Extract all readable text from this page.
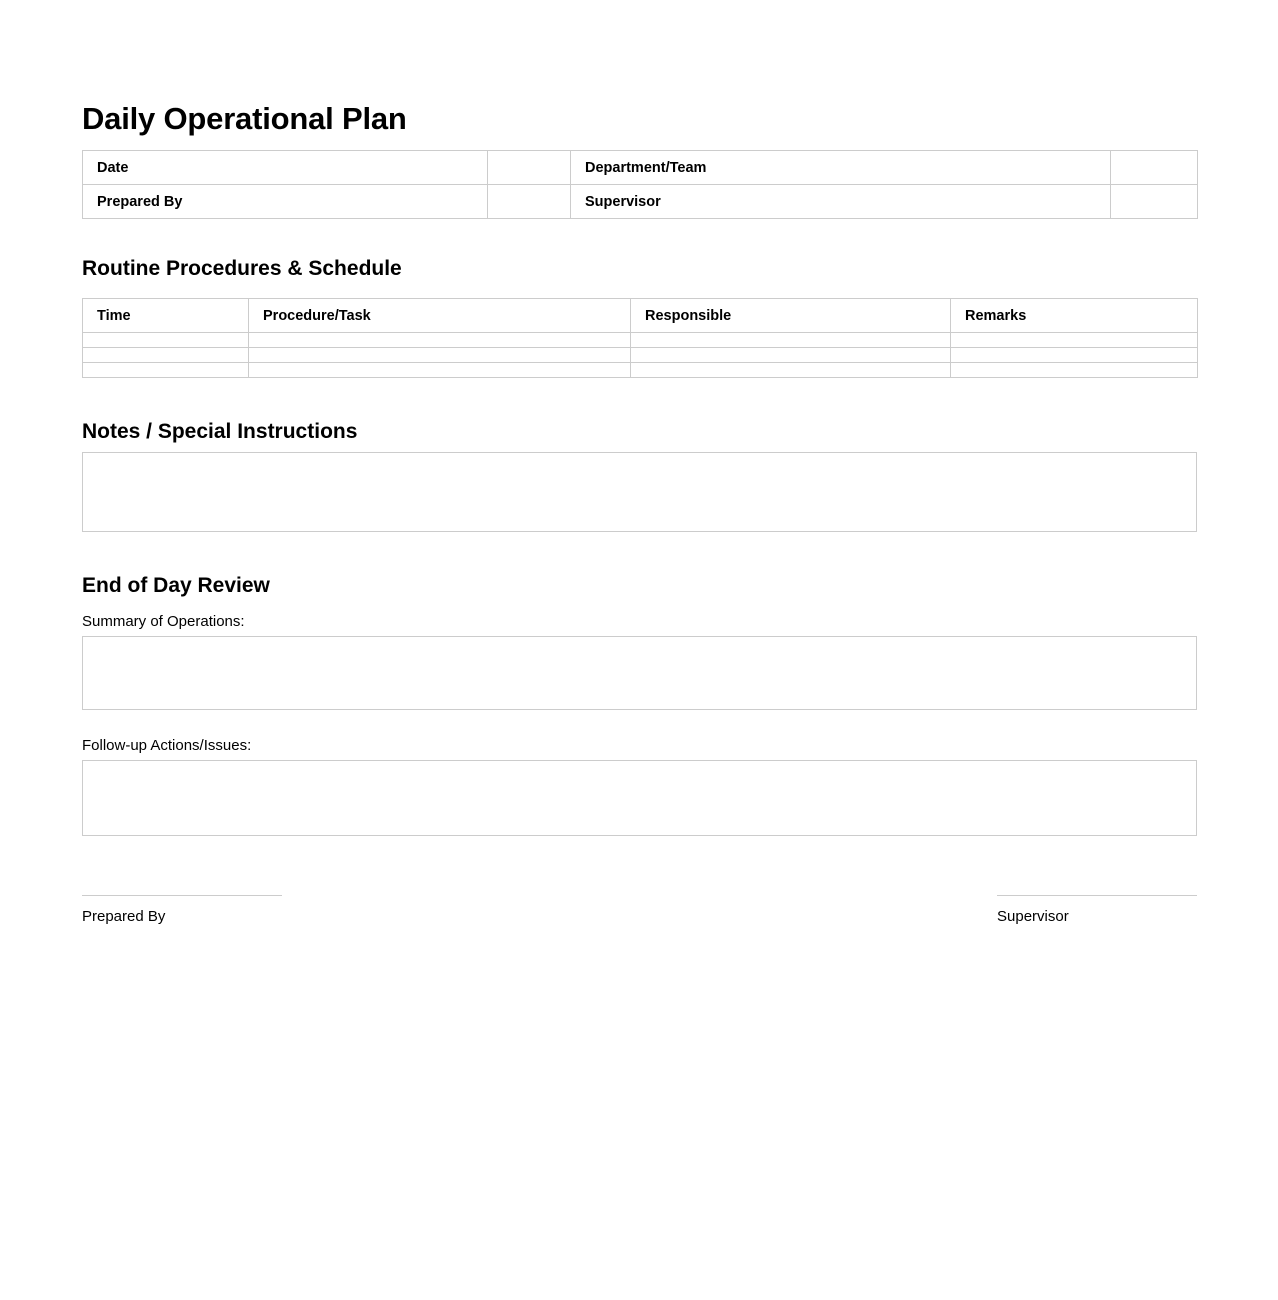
Daily Operational Plan
Date		Department/Team	
Prepared By		Supervisor	
Routine Procedures & Schedule
Time	Procedure/Task	Responsible	Remarks

Notes / Special Instructions
End of Day Review
Summary of Operations:
Follow-up Actions/Issues:
Prepared By	Supervisor
